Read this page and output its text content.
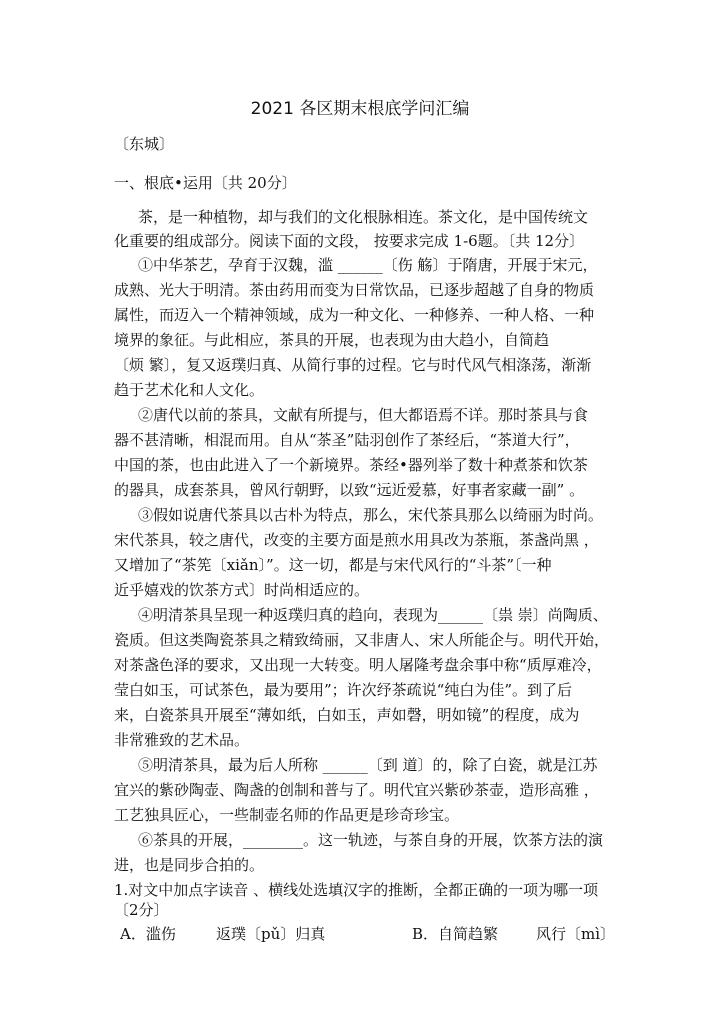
2021 各区期末根底学问汇编
〔东城〕
一、根底•运用〔共 20分〕
茶，是一种植物，却与我们的文化根脉相连。茶文化，是中国传统文
化重要的组成部分。阅读下面的文段， 按要求完成 1-6题。〔共 12分〕
①中华茶艺，孕育于汉魏，滥 ______〔伤 觞〕于隋唐，开展于宋元，
成熟、光大于明清。茶由药用而变为日常饮品，已逐步超越了自身的物质
属性，而迈入一个精神领域，成为一种文化、一种修养、一种人格、一种
境界的象征。与此相应，茶具的开展，也表现为由大趋小，自简趋
〔烦 繁〕，复又返璞归真、从简行事的过程。它与时代风气相涤荡，渐渐
趋于艺术化和人文化。
②唐代以前的茶具，文献有所提与，但大都语焉不详。那时茶具与食
器不甚清晰，相混而用。自从“茶圣”陆羽创作了茶经后，“茶道大行”，
中国的茶，也由此进入了一个新境界。茶经•器列举了数十种煮茶和饮茶
的器具，成套茶具，曾风行朝野，以致“远近爱慕，好事者家藏一副” 。
③假如说唐代茶具以古朴为特点，那么，宋代茶具那么以绮丽为时尚。
宋代茶具，较之唐代，改变的主要方面是煎水用具改为茶瓶，茶盏尚黑 ，
又增加了“茶筅〔xiǎn〕”。这一切，都是与宋代风行的“斗茶”〔一种
近乎嬉戏的饮茶方式〕时尚相适应的。
④明清茶具呈现一种返璞归真的趋向，表现为______〔祟 崇〕尚陶质、
瓷质。但这类陶瓷茶具之精致绮丽，又非唐人、宋人所能企与。明代开始，
对茶盏色泽的要求，又出现一大转变。明人屠隆考盘余事中称“质厚难冷，
莹白如玉，可试茶色，最为要用”；许次纾茶疏说“纯白为佳”。到了后
来，白瓷茶具开展至“薄如纸，白如玉，声如磬，明如镜”的程度，成为
非常雅致的艺术品。
⑤明清茶具，最为后人所称 ______〔到 道〕的，除了白瓷，就是江苏
宜兴的紫砂陶壶、陶盏的创制和普与了。明代宜兴紫砂茶壶，造形高雅 ，
工艺独具匠心，一些制壶名师的作品更是珍奇珍宝。
⑥茶具的开展，________。这一轨迹，与茶自身的开展，饮茶方法的演
进，也是同步合拍的。
1.对文中加点字读音 、横线处选填汉字的推断，全都正确的一项为哪一项
〔2分〕
A．滥伤	返璞〔pǔ〕归真	B．自简趋繁	风行〔mì〕
